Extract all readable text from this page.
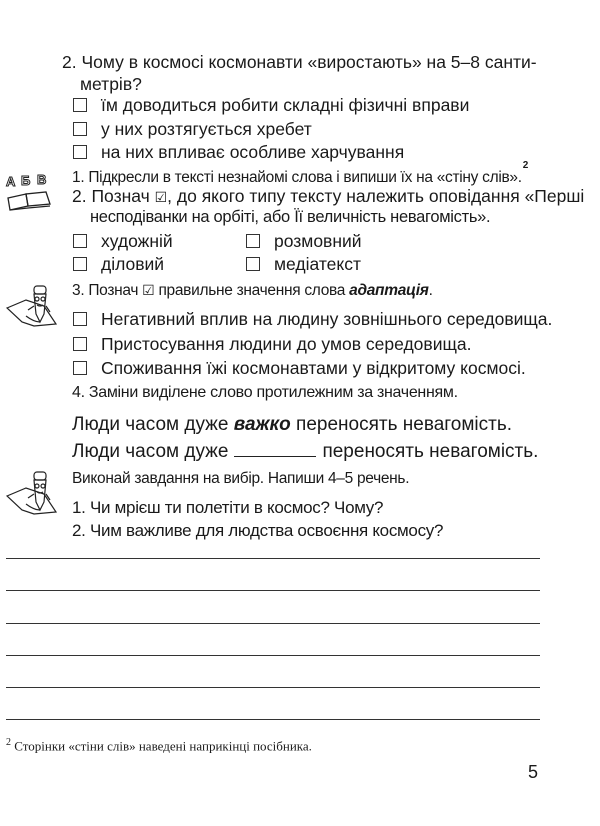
2. Чому в космосі космонавти «виростають» на 5–8 санти-
метрів?
їм доводиться робити складні фізичні вправи
у них розтягується хребет
на них впливає особливе харчування
А Б В 1. Підкресли в тексті незнайомі слова і випиши їх на «стіну слів».$^2$
2. Познач ☑, до якого типу тексту належить оповідання «Перші
несподіванки на орбіті, або Її величність невагомість».
художній	розмовний
діловий	медіатекст
3. Познач ☑ правильне значення слова адаптація.
Негативний вплив на людину зовнішнього середовища.
Пристосування людини до умов середовища.
Споживання їжі космонавтами у відкритому космосі.
4. Заміни виділене слово протилежним за значенням.
Люди часом дуже важко переносять невагомість.
Люди часом дуже	переносять невагомість.
Виконай завдання на вибір. Напиши 4–5 речень.
1. Чи мрієш ти полетіти в космос? Чому?
2. Чим важливе для людства освоєння космосу?
$^2$ Сторінки «стіни слів» наведені наприкінці посібника.
5
